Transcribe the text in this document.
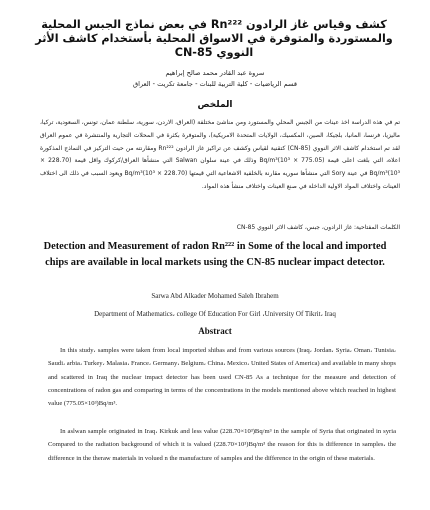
كشف وقياس غاز الرادون Rn²²² في بعض نماذج الجبس المحلية والمستوردة والمتوفرة في الاسواق المحلية بأستخدام كاشف الأثر النووي CN-85
سروة عبد القادر محمد صالح إبراهيم
قسم الرياضيات - كلية التربية للبنات - جامعة تكريت - العراق
الملخص
تم في هذه الدراسة اخذ عينات من الجبس المحلي والمستورد ومن مناشئ مختلفة (العراق، الاردن، سورية، سلطنة عمان، تونس، السعودية، تركيا، ماليزيا، فرنسا، المانيا، بلجيكا، الصين، المكسيك، الولايات المتحدة الامريكية)، والمتوفرة بكثرة في المحلات التجارية والمنتشرة في عموم العراق لقد تم استخدام كاشف الاثر النووي (CN-85) كتقنية لقياس وكشف عن تراكيز غاز الرادون Rn²²² ومقارنته من حيث التركيز في النماذج المذكورة اعلاه، التي بلغت اعلى قيمة (775.05 × 10³)Bq/m³ وذلك في عينة سلوان Salwan التي منشأها العراق/كركوك واقل قيمة (228.70 × 10³)Bq/m³ في عينة Sory التي منشأها سوريه مقارنة بالخلفية الاشعاعية التي قيمتها (228.70 × 10³)Bq/m³ ويعود السبب في ذلك الى اختلاف العينات واختلاف المواد الاولية الداخلة في صنع العينات واختلاف منشأ هذه المواد.
الكلمات المفتاحية: غاز الرادون، جبس، كاشف الاثر النووي CN-85
Detection and Measurement of radon Rn²²² in Some of the local and imported chips are available in local markets using the CN-85 nuclear impact detector.
Sarwa Abd Alkader Mohamed Saleh Ibrahem
Department of Mathematics، college Of Education For Girl ،University Of Tikrit، Iraq
Abstract
In this study، samples were taken from local imported shibas and from various sources (Iraq، Jordan، Syria، Oman، Tunisia، Saudi، arbia، Turkey، Malasia، France، Germany، Belgium، China، Mexico، United States of America) and available in many shops and scattered in Iraq the nuclear impact detector has been used CN-85 As a technique for the measure and detection of concentrations of radon gas and comparing in terms of the concentrations in the models mentioned above which reached in highest value (775.05×10³)Bq/m³.
In aslwan sample originated in Iraq، Kirkuk and less value (228.70×10³)Bq/m³ in the sample of Syria that originated in syria Compared to the radiation background of which it is valued (228.70×10³)Bq/m³ the reason for this is difference in samples، the difference in the theraw materials in volued n the manufacture of samples and the difference in the origin of these materials.
